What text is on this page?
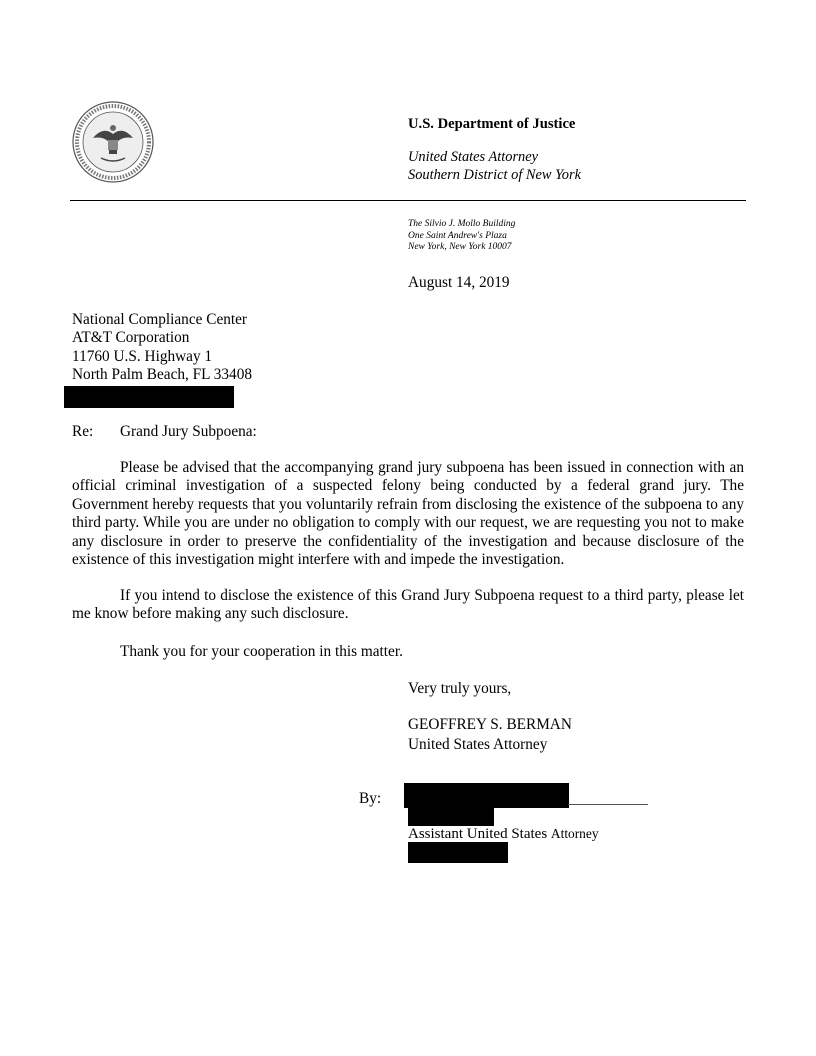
U.S. Department of Justice
United States Attorney
Southern District of New York
The Silvio J. Mollo Building
One Saint Andrew's Plaza
New York, New York 10007
August 14, 2019
National Compliance Center
AT&T Corporation
11760 U.S. Highway 1
North Palm Beach, FL 33408
Re: Grand Jury Subpoena:
Please be advised that the accompanying grand jury subpoena has been issued in connection with an official criminal investigation of a suspected felony being conducted by a federal grand jury. The Government hereby requests that you voluntarily refrain from disclosing the existence of the subpoena to any third party. While you are under no obligation to comply with our request, we are requesting you not to make any disclosure in order to preserve the confidentiality of the investigation and because disclosure of the existence of this investigation might interfere with and impede the investigation.
If you intend to disclose the existence of this Grand Jury Subpoena request to a third party, please let me know before making any such disclosure.
Thank you for your cooperation in this matter.
Very truly yours,
GEOFFREY S. BERMAN
United States Attorney
By:
Assistant United States Attorney
